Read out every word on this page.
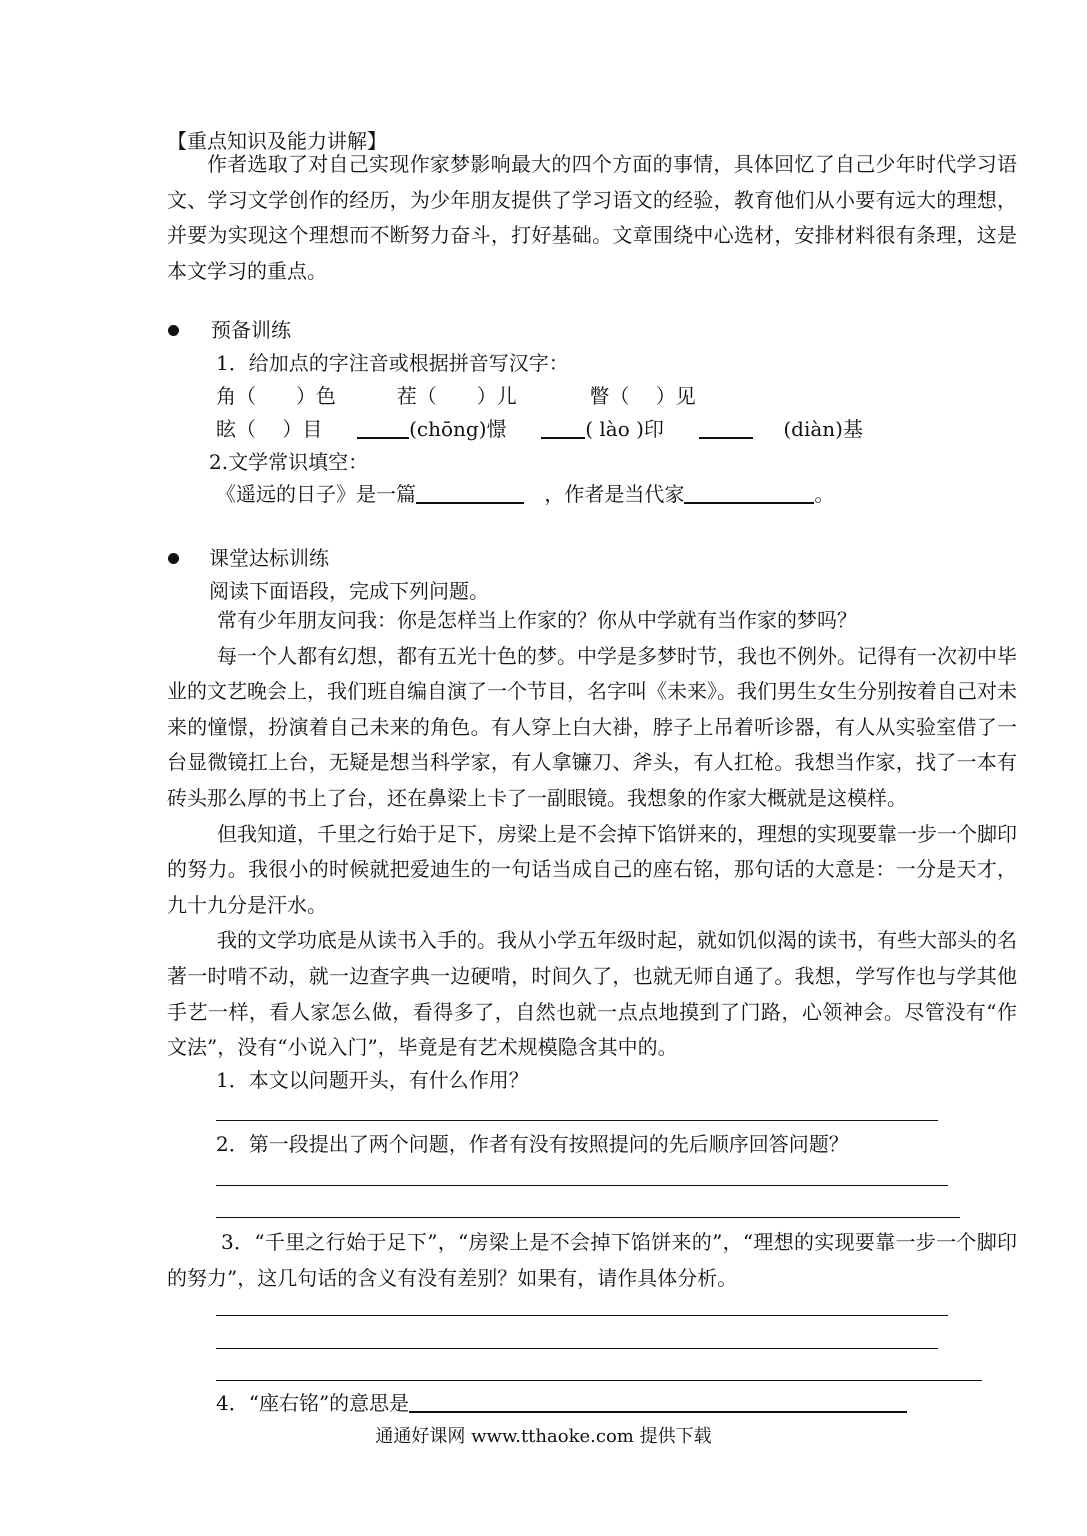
【重点知识及能力讲解】

作者选取了对自己实现作家梦影响最大的四个方面的事情，具体回忆了自己少年时代学习语文、学习文学创作的经历，为少年朋友提供了学习语文的经验，教育他们从小要有远大的理想，并要为实现这个理想而不断努力奋斗，打好基础。文章围绕中心选材，安排材料很有条理，这是本文学习的重点。

预备训练
1．给加点的字注音或根据拼音写汉字：
角（　　）色	茬（　　）儿	瞥（　 ）见
眩（　 ）目	(chōng)憬	( lào )印	(diàn)基
2.文学常识填空：
《遥远的日子》是一篇	，作者是当代家	。
课堂达标训练
阅读下面语段，完成下列问题。

常有少年朋友问我：你是怎样当上作家的？你从中学就有当作家的梦吗？

每一个人都有幻想，都有五光十色的梦。中学是多梦时节，我也不例外。记得有一次初中毕业的文艺晚会上，我们班自编自演了一个节目，名字叫《未来》。我们男生女生分别按着自己对未来的憧憬，扮演着自己未来的角色。有人穿上白大褂，脖子上吊着听诊器，有人从实验室借了一台显微镜扛上台，无疑是想当科学家，有人拿镰刀、斧头，有人扛枪。我想当作家，找了一本有砖头那么厚的书上了台，还在鼻梁上卡了一副眼镜。我想象的作家大概就是这模样。

但我知道，千里之行始于足下，房梁上是不会掉下馅饼来的，理想的实现要靠一步一个脚印的努力。我很小的时候就把爱迪生的一句话当成自己的座右铭，那句话的大意是：一分是天才，九十九分是汗水。

我的文学功底是从读书入手的。我从小学五年级时起，就如饥似渴的读书，有些大部头的名著一时啃不动，就一边查字典一边硬啃，时间久了，也就无师自通了。我想，学写作也与学其他手艺一样，看人家怎么做，看得多了，自然也就一点点地摸到了门路，心领神会。尽管没有“作文法”，没有“小说入门”，毕竟是有艺术规模隐含其中的。

1．本文以问题开头，有什么作用？
2．第一段提出了两个问题，作者有没有按照提问的先后顺序回答问题？

3．“千里之行始于足下”，“房梁上是不会掉下馅饼来的”，“理想的实现要靠一步一个脚印的努力”，这几句话的含义有没有差别？如果有，请作具体分析。

4．“座右铭”的意思是
通通好课网 www.tthaoke.com 提供下载
